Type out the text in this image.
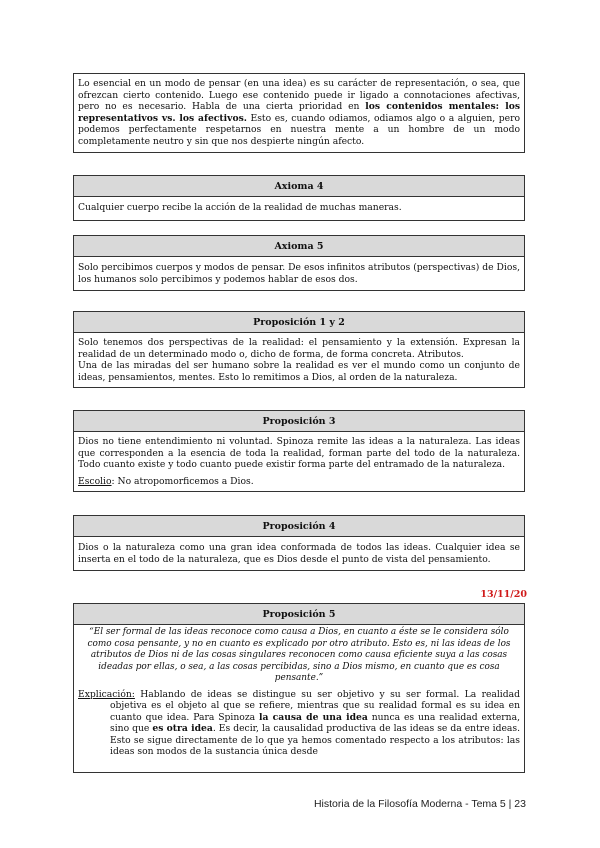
Lo esencial en un modo de pensar (en una idea) es su carácter de representación, o sea, que ofrezcan cierto contenido. Luego ese contenido puede ir ligado a connotaciones afectivas, pero no es necesario. Habla de una cierta prioridad en los contenidos mentales: los representativos vs. los afectivos. Esto es, cuando odiamos, odiamos algo o a alguien, pero podemos perfectamente respetarnos en nuestra mente a un hombre de un modo completamente neutro y sin que nos despierte ningún afecto.

Axioma 4

Cualquier cuerpo recibe la acción de la realidad de muchas maneras.

Axioma 5

Solo percibimos cuerpos y modos de pensar. De esos infinitos atributos (perspectivas) de Dios, los humanos solo percibimos y podemos hablar de esos dos.

Proposición 1 y 2

Solo tenemos dos perspectivas de la realidad: el pensamiento y la extensión. Expresan la realidad de un determinado modo o, dicho de forma, de forma concreta. Atributos.

Una de las miradas del ser humano sobre la realidad es ver el mundo como un conjunto de ideas, pensamientos, mentes. Esto lo remitimos a Dios, al orden de la naturaleza.

Proposición 3

Dios no tiene entendimiento ni voluntad. Spinoza remite las ideas a la naturaleza. Las ideas que corresponden a la esencia de toda la realidad, forman parte del todo de la naturaleza. Todo cuanto existe y todo cuanto puede existir forma parte del entramado de la naturaleza.

Escolio: No atropomorficemos a Dios.

Proposición 4

Dios o la naturaleza como una gran idea conformada de todos las ideas. Cualquier idea se inserta en el todo de la naturaleza, que es Dios desde el punto de vista del pensamiento.

13/11/20
Proposición 5
“El ser formal de las ideas reconoce como causa a Dios, en cuanto a éste se le considera sólo como cosa pensante, y no en cuanto es explicado por otro atributo. Esto es, ni las ideas de los atributos de Dios ni de las cosas singulares reconocen como causa eficiente suya a las cosas ideadas por ellas, o sea, a las cosas percibidas, sino a Dios mismo, en cuanto que es cosa pensante.”

Explicación: Hablando de ideas se distingue su ser objetivo y su ser formal. La realidad objetiva es el objeto al que se refiere, mientras que su realidad formal es su idea en cuanto que idea. Para Spinoza la causa de una idea nunca es una realidad externa, sino que es otra idea. Es decir, la causalidad productiva de las ideas se da entre ideas. Esto se sigue directamente de lo que ya hemos comentado respecto a los atributos: las ideas son modos de la sustancia única desde

Historia de la Filosofía Moderna - Tema 5 | 23
